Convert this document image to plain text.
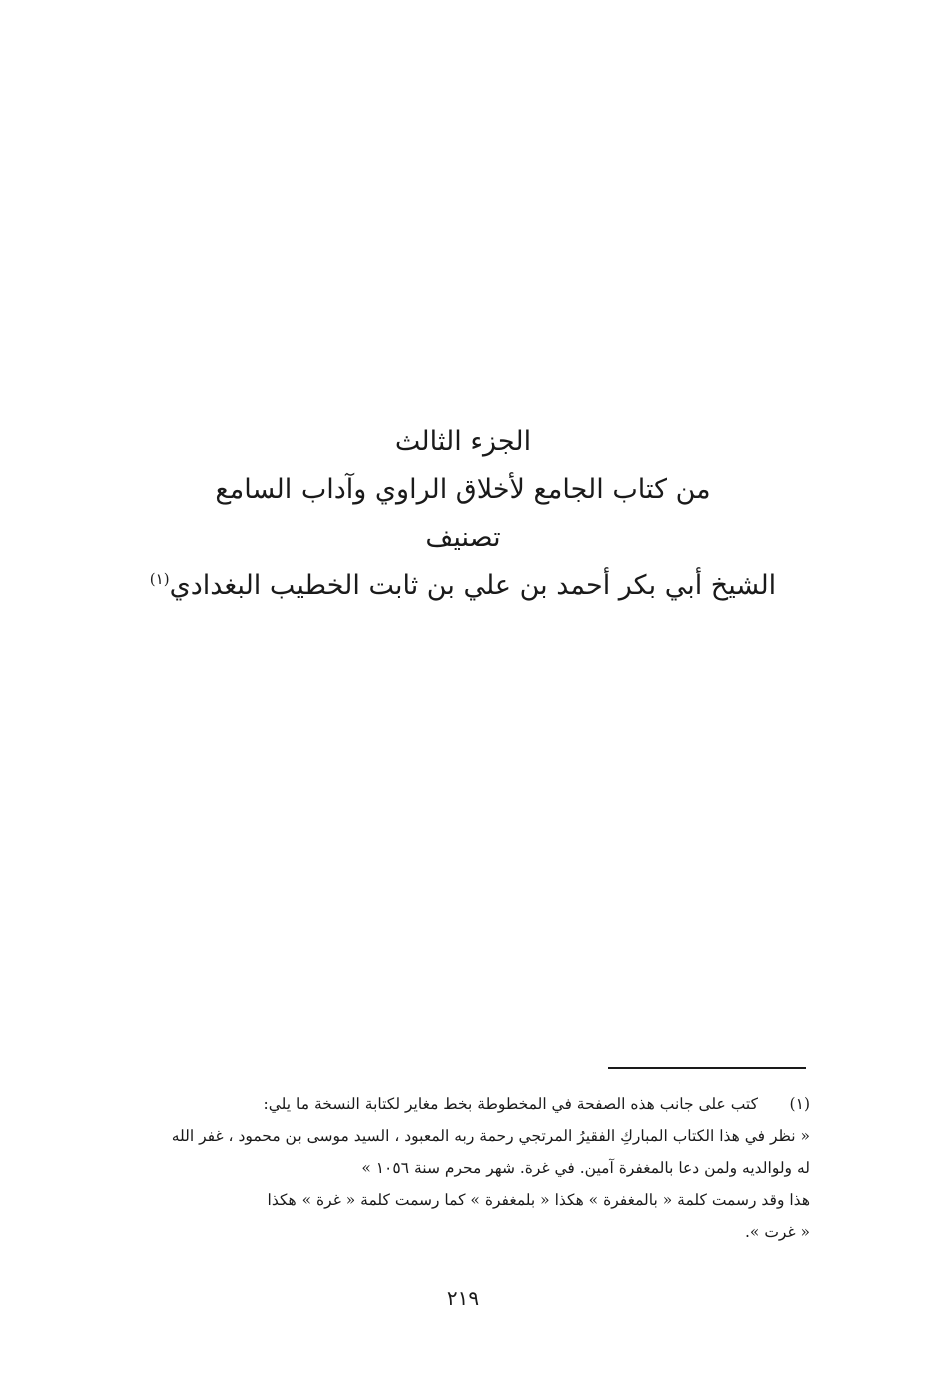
الجزء الثالث

من كتاب الجامع لأخلاق الراوي وآداب السامع

تصنيف

الشيخ أبي بكر أحمد بن علي بن ثابت الخطيب البغدادي$^{(١)}$

(١)
كتب على جانب هذه الصفحة في المخطوطة بخط مغاير لكتابة النسخة ما يلي:
« نظر في هذا الكتاب المباركِ الفقيرُ المرتجي رحمة ربه المعبود ، السيد موسى بن محمود ، غفر الله
له ولوالديه ولمن دعا بالمغفرة آمين. في غرة. شهر محرم سنة ١٠٥٦ »
هذا وقد رسمت كلمة « بالمغفرة » هكذا « بلمغفرة » كما رسمت كلمة « غرة » هكذا
« غرت ».
٢١٩
